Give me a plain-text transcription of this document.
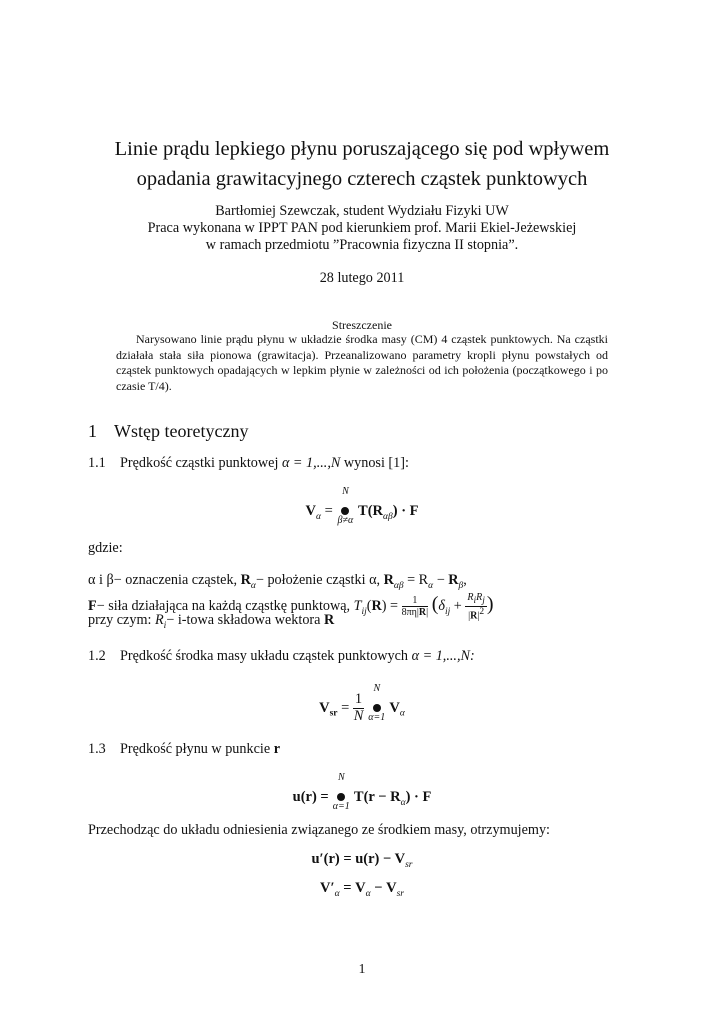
Linie prądu lepkiego płynu poruszającego się pod wpływem
opadania grawitacyjnego czterech cząstek punktowych
Bartłomiej Szewczak, student Wydziału Fizyki UW
Praca wykonana w IPPT PAN pod kierunkiem prof. Marii Ekiel-Jeżewskiej
w ramach przedmiotu ”Pracownia fizyczna II stopnia”.
28 lutego 2011
Streszczenie

Narysowano linie prądu płynu w układzie środka masy (CM) 4 cząstek punktowych. Na cząstki działała stała siła pionowa (grawitacja). Przeanalizowano parametry kropli płynu powstałych od cząstek punktowych opadających w lepkim płynie w zależności od ich położenia (początkowego i po czasie T/4).

1 Wstęp teoretyczny
1.1 Prędkość cząstki punktowej α = 1,...,N wynosi [1]:
$V_\alpha$ =
N
β≠α
$T(R_{\alpha\beta}) \cdot F$
gdzie:
α i β− oznaczenia cząstek, $R_\alpha-$ położenie cząstki α, $R_{\alpha\beta} = R_\alpha - R_\beta$,
F− siła działająca na każdą cząstkę punktową, $T_{ij}(R) = \frac{1}{8\pi\eta|R|} (\delta_{ij} + \frac{R_iR_j}{|R|^2}$ )
przy czym: $R_i-$ i-towa składowa wektora R
1.2 Prędkość środka masy układu cząstek punktowych α = 1,...,N:
$V_{sr} = \frac{1}{N}$

N
α=1
$V_\alpha$
1.3 Prędkość płynu w punkcie r
u(r) =
N
α=1
$T(r - R_\alpha) \cdot F$
Przechodząc do układu odniesienia związanego ze środkiem masy, otrzymujemy:
$u'(r) = u(r) - V_{sr}$
$V'_\alpha = V_\alpha - V_{sr}$
1
